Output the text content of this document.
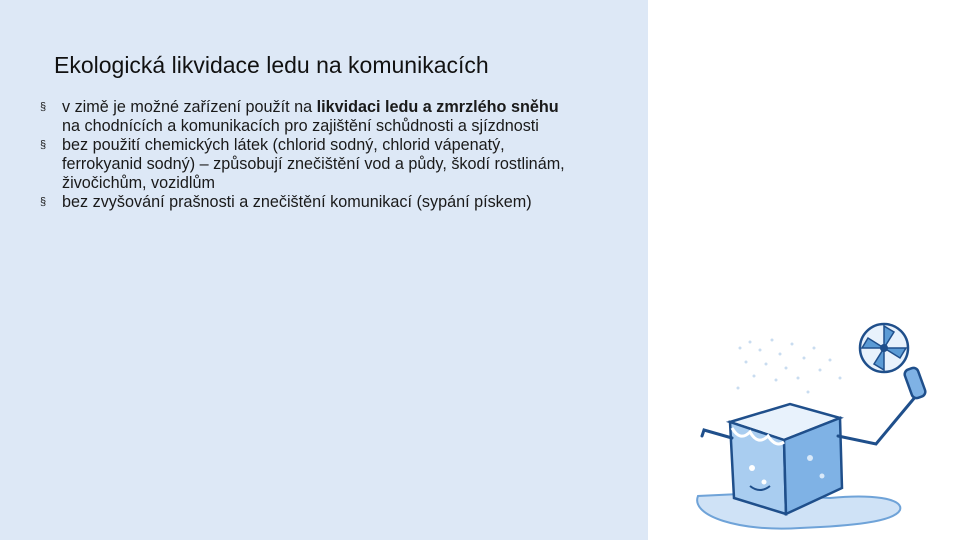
Ekologická likvidace ledu na komunikacích
§ v zimě je možné zařízení použít na likvidaci ledu a zmrzlého sněhu na chodnících a komunikacích pro zajištění schůdnosti a sjízdnosti
§ bez použití chemických látek (chlorid sodný, chlorid vápenatý, ferrokyanid sodný) – způsobují znečištění vod a půdy, škodí rostlinám, živočichům, vozidlům
§ bez zvyšování prašnosti a znečištění komunikací (sypání pískem)
